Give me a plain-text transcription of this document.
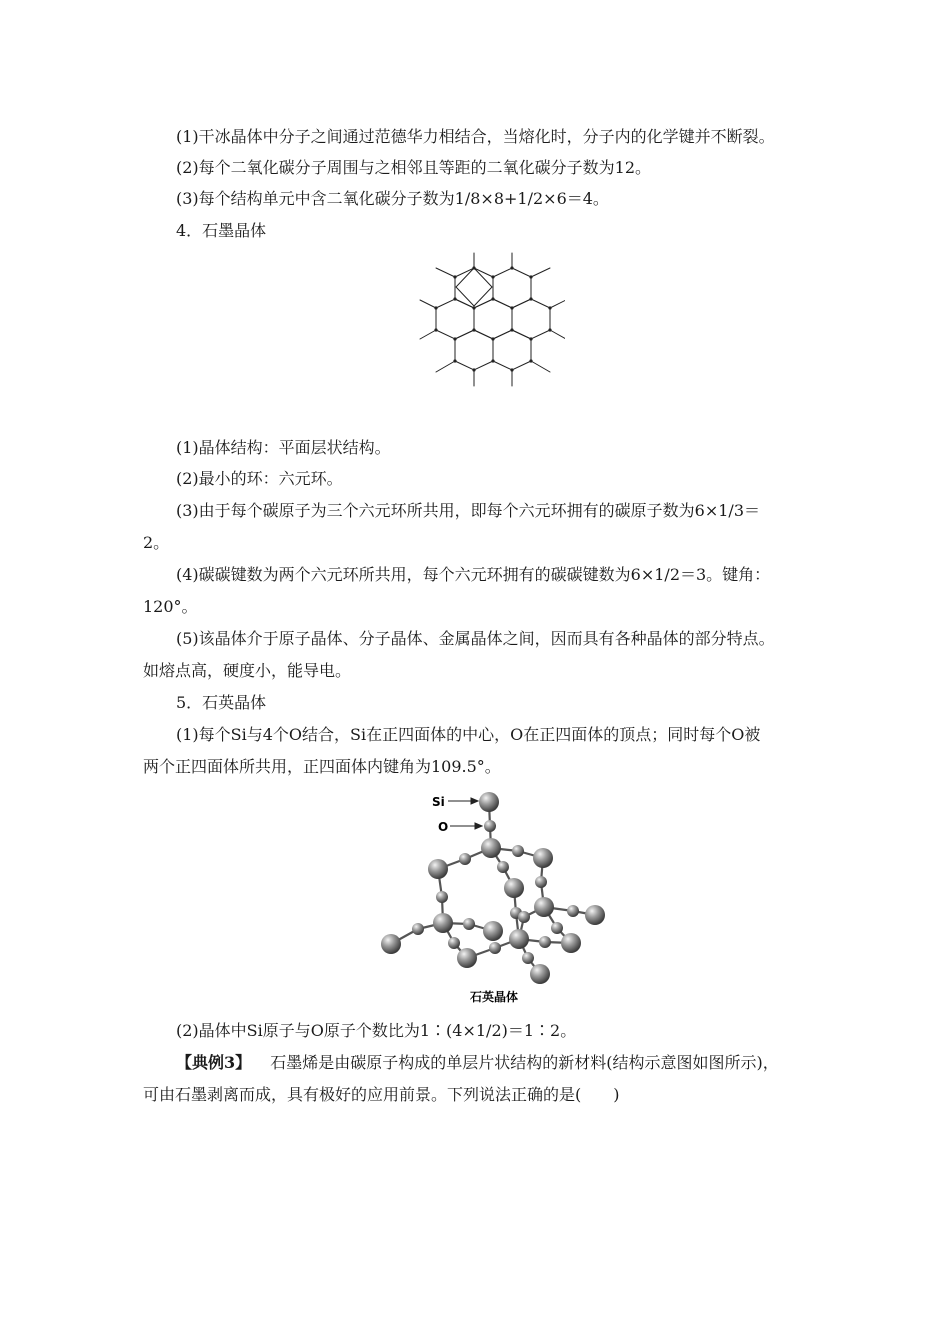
(1)干冰晶体中分子之间通过范德华力相结合，当熔化时，分子内的化学键并不断裂。
(2)每个二氧化碳分子周围与之相邻且等距的二氧化碳分子数为12。
(3)每个结构单元中含二氧化碳分子数为1/8×8+1/2×6＝4。
4．石墨晶体
(1)晶体结构：平面层状结构。
(2)最小的环：六元环。
(3)由于每个碳原子为三个六元环所共用，即每个六元环拥有的碳原子数为6×1/3＝
2。
(4)碳碳键数为两个六元环所共用，每个六元环拥有的碳碳键数为6×1/2＝3。键角：
120°。
(5)该晶体介于原子晶体、分子晶体、金属晶体之间，因而具有各种晶体的部分特点。
如熔点高，硬度小，能导电。
5．石英晶体
(1)每个Si与4个O结合，Si在正四面体的中心，O在正四面体的顶点；同时每个O被
两个正四面体所共用，正四面体内键角为109.5°。
Si
O
石英晶体
(2)晶体中Si原子与O原子个数比为1∶(4×1/2)＝1∶2。
【典例3】 石墨烯是由碳原子构成的单层片状结构的新材料(结构示意图如图所示)，
可由石墨剥离而成，具有极好的应用前景。下列说法正确的是(　　)
